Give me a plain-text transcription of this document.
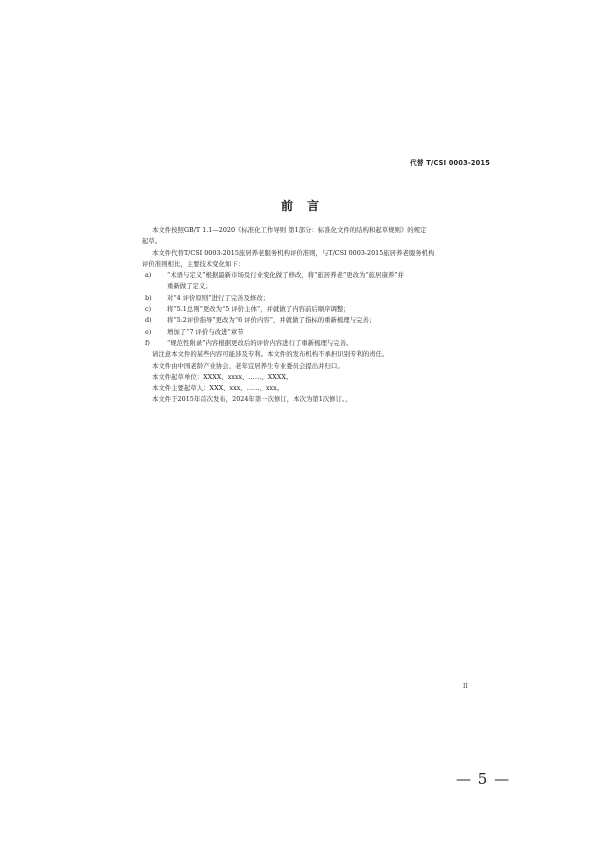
代替 T/CSI 0003-2015
前言
本文件按照GB/T 1.1—2020《标准化工作导则 第1部分：标准化文件的结构和起草规则》的规定
起草。
本文件代替T/CSI 0003-2015旅居养老服务机构评价准则，与T/CSI 0003-2015旅居养老服务机构
评价准则相比，主要技术变化如下：
a)	“术语与定义”根据最新市场及行业变化做了修改，将“旅居养老”更改为“旅居康养”并
重新做了定义；
b)	对“4 评价原则”进行了完善及修改；
c)	将“5.1总则”更改为“5 评价主体”，并就做了内容前后顺序调整；
d)	将“5.2评价指导”更改为“6 评价内容”，并就做了指标的重新梳理与完善；
e)	增加了“7 评价与改进”章节
f)	“规范性附录”内容根据更改后的评价内容进行了重新梳理与完善。
请注意本文件的某些内容可能涉及专利。本文件的发布机构不承担识别专利的责任。
本文件由中国老龄产业协会、老年宜居养生专业委员会提出并归口。
本文件起草单位：XXXX、xxxx、……、XXXX。
本文件主要起草人：XXX、xxx、……、xxx。
本文件于2015年首次发布，2024年第一次修订，本次为第1次修订。，
II
— 5 —
